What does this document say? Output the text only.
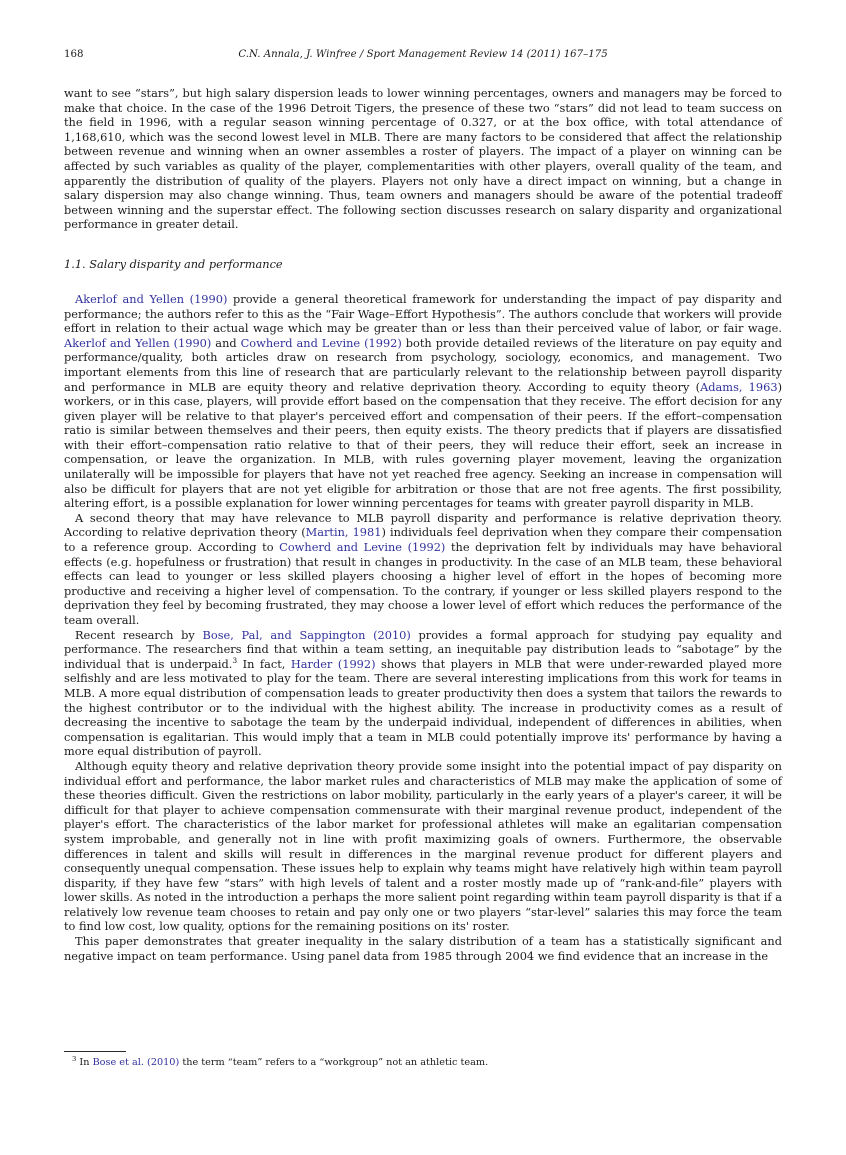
168	C.N. Annala, J. Winfree / Sport Management Review 14 (2011) 167–175

want to see “stars”, but high salary dispersion leads to lower winning percentages, owners and managers may be forced to make that choice. In the case of the 1996 Detroit Tigers, the presence of these two “stars” did not lead to team success on the field in 1996, with a regular season winning percentage of 0.327, or at the box office, with total attendance of 1,168,610, which was the second lowest level in MLB. There are many factors to be considered that affect the relationship between revenue and winning when an owner assembles a roster of players. The impact of a player on winning can be affected by such variables as quality of the player, complementarities with other players, overall quality of the team, and apparently the distribution of quality of the players. Players not only have a direct impact on winning, but a change in salary dispersion may also change winning. Thus, team owners and managers should be aware of the potential tradeoff between winning and the superstar effect. The following section discusses research on salary disparity and organizational performance in greater detail.

1.1. Salary disparity and performance

Akerlof and Yellen (1990) provide a general theoretical framework for understanding the impact of pay disparity and performance; the authors refer to this as the “Fair Wage–Effort Hypothesis”. The authors conclude that workers will provide effort in relation to their actual wage which may be greater than or less than their perceived value of labor, or fair wage. Akerlof and Yellen (1990) and Cowherd and Levine (1992) both provide detailed reviews of the literature on pay equity and performance/quality, both articles draw on research from psychology, sociology, economics, and management. Two important elements from this line of research that are particularly relevant to the relationship between payroll disparity and performance in MLB are equity theory and relative deprivation theory. According to equity theory (Adams, 1963) workers, or in this case, players, will provide effort based on the compensation that they receive. The effort decision for any given player will be relative to that player's perceived effort and compensation of their peers. If the effort–compensation ratio is similar between themselves and their peers, then equity exists. The theory predicts that if players are dissatisfied with their effort–compensation ratio relative to that of their peers, they will reduce their effort, seek an increase in compensation, or leave the organization. In MLB, with rules governing player movement, leaving the organization unilaterally will be impossible for players that have not yet reached free agency. Seeking an increase in compensation will also be difficult for players that are not yet eligible for arbitration or those that are not free agents. The first possibility, altering effort, is a possible explanation for lower winning percentages for teams with greater payroll disparity in MLB.

A second theory that may have relevance to MLB payroll disparity and performance is relative deprivation theory. According to relative deprivation theory (Martin, 1981) individuals feel deprivation when they compare their compensation to a reference group. According to Cowherd and Levine (1992) the deprivation felt by individuals may have behavioral effects (e.g. hopefulness or frustration) that result in changes in productivity. In the case of an MLB team, these behavioral effects can lead to younger or less skilled players choosing a higher level of effort in the hopes of becoming more productive and receiving a higher level of compensation. To the contrary, if younger or less skilled players respond to the deprivation they feel by becoming frustrated, they may choose a lower level of effort which reduces the performance of the team overall.

Recent research by Bose, Pal, and Sappington (2010) provides a formal approach for studying pay equality and performance. The researchers find that within a team setting, an inequitable pay distribution leads to “sabotage” by the individual that is underpaid.$^3$ In fact, Harder (1992) shows that players in MLB that were under-rewarded played more selfishly and are less motivated to play for the team. There are several interesting implications from this work for teams in MLB. A more equal distribution of compensation leads to greater productivity then does a system that tailors the rewards to the highest contributor or to the individual with the highest ability. The increase in productivity comes as a result of decreasing the incentive to sabotage the team by the underpaid individual, independent of differences in abilities, when compensation is egalitarian. This would imply that a team in MLB could potentially improve its' performance by having a more equal distribution of payroll.

Although equity theory and relative deprivation theory provide some insight into the potential impact of pay disparity on individual effort and performance, the labor market rules and characteristics of MLB may make the application of some of these theories difficult. Given the restrictions on labor mobility, particularly in the early years of a player's career, it will be difficult for that player to achieve compensation commensurate with their marginal revenue product, independent of the player's effort. The characteristics of the labor market for professional athletes will make an egalitarian compensation system improbable, and generally not in line with profit maximizing goals of owners. Furthermore, the observable differences in talent and skills will result in differences in the marginal revenue product for different players and consequently unequal compensation. These issues help to explain why teams might have relatively high within team payroll disparity, if they have few “stars” with high levels of talent and a roster mostly made up of “rank-and-file” players with lower skills. As noted in the introduction a perhaps the more salient point regarding within team payroll disparity is that if a relatively low revenue team chooses to retain and pay only one or two players “star-level” salaries this may force the team to find low cost, low quality, options for the remaining positions on its' roster.

This paper demonstrates that greater inequality in the salary distribution of a team has a statistically significant and negative impact on team performance. Using panel data from 1985 through 2004 we find evidence that an increase in the

$^3$ In Bose et al. (2010) the term “team” refers to a “workgroup” not an athletic team.
